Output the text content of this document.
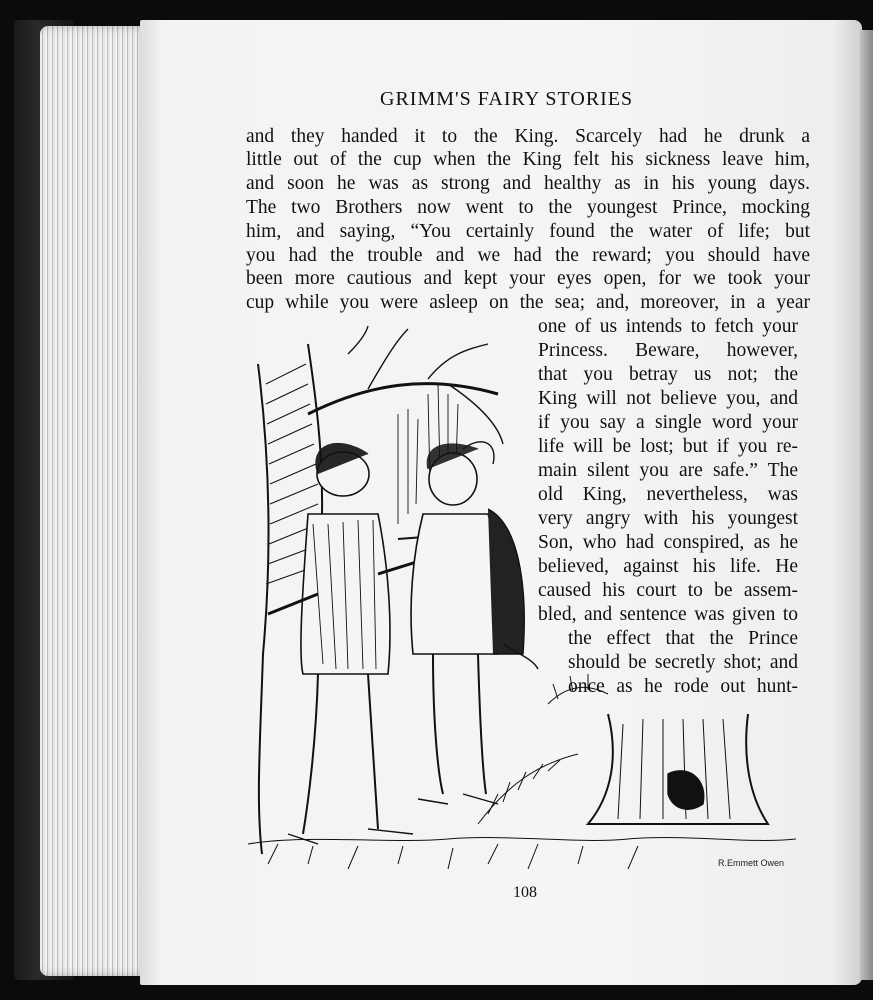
GRIMM'S FAIRY STORIES
and they handed it to the King. Scarcely had he drunk a
little out of the cup when the King felt his sickness leave him,
and soon he was as strong and healthy as in his young days.
The two Brothers now went to the youngest Prince, mocking
him, and saying, “You certainly found the water of life; but
you had the trouble and we had the reward; you should have
been more cautious and kept your eyes open, for we took your
cup while you were asleep on the sea; and, moreover, in a year
one of us intends to fetch your
Princess. Beware, however,
that you betray us not; the
King will not believe you, and
if you say a single word your
life will be lost; but if you re-
main silent you are safe.” The
old King, nevertheless, was
very angry with his youngest
Son, who had conspired, as he
believed, against his life. He
caused his court to be assem-
bled, and sentence was given to
the effect that the Prince
should be secretly shot; and
once as he rode out hunt-
R.Emmett Owen
108
